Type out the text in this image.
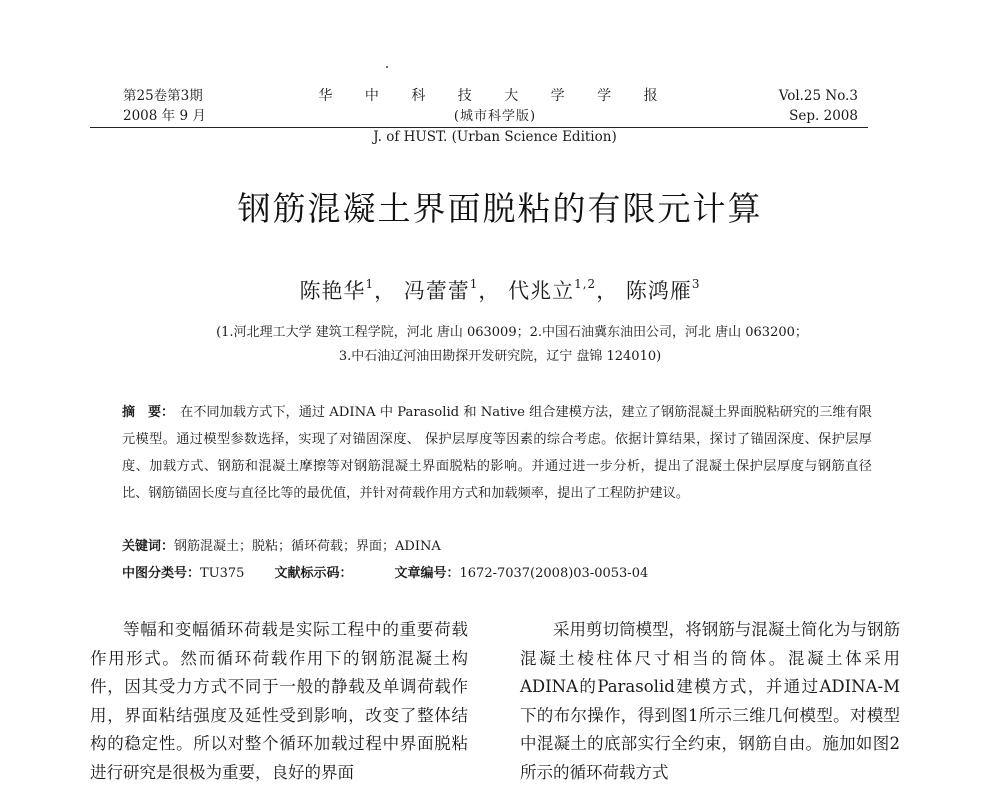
第25卷第3期
2008 年 9 月
华 中 科 技 大 学 学 报(城市科学版)
J. of HUST. (Urban Science Edition)
Vol.25 No.3
Sep. 2008
钢筋混凝土界面脱粘的有限元计算
陈艳华$^1$， 冯蕾蕾$^1$， 代兆立$^{1,2}$， 陈鸿雁$^3$
(1.河北理工大学 建筑工程学院，河北 唐山 063009；2.中国石油冀东油田公司，河北 唐山 063200；
3.中石油辽河油田勘探开发研究院，辽宁 盘锦 124010)
摘　要： 在不同加载方式下，通过 ADINA 中 Parasolid 和 Native 组合建模方法，建立了钢筋混凝土界面脱粘研究的三维有限元模型。通过模型参数选择，实现了对锚固深度、 保护层厚度等因素的综合考虑。依据计算结果，探讨了锚固深度、保护层厚度、加载方式、钢筋和混凝土摩擦等对钢筋混凝土界面脱粘的影响。并通过进一步分析，提出了混凝土保护层厚度与钢筋直径比、钢筋锚固长度与直径比等的最优值，并针对荷载作用方式和加载频率，提出了工程防护建议。
关键词：钢筋混凝土；脱粘；循环荷载；界面；ADINA
中图分类号：TU375 文献标示码：	文章编号：1672-7037(2008)03-0053-04

等幅和变幅循环荷载是实际工程中的重要荷载作用形式。然而循环荷载作用下的钢筋混凝土构件，因其受力方式不同于一般的静载及单调荷载作用，界面粘结强度及延性受到影响，改变了整体结构的稳定性。所以对整个循环加载过程中界面脱粘进行研究是很极为重要，良好的界面

采用剪切筒模型，将钢筋与混凝土简化为与钢筋混凝土棱柱体尺寸相当的筒体。混凝土体采用ADINA的Parasolid建模方式，并通过ADINA-M下的布尔操作，得到图1所示三维几何模型。对模型中混凝土的底部实行全约束，钢筋自由。施加如图2所示的循环荷载方式
